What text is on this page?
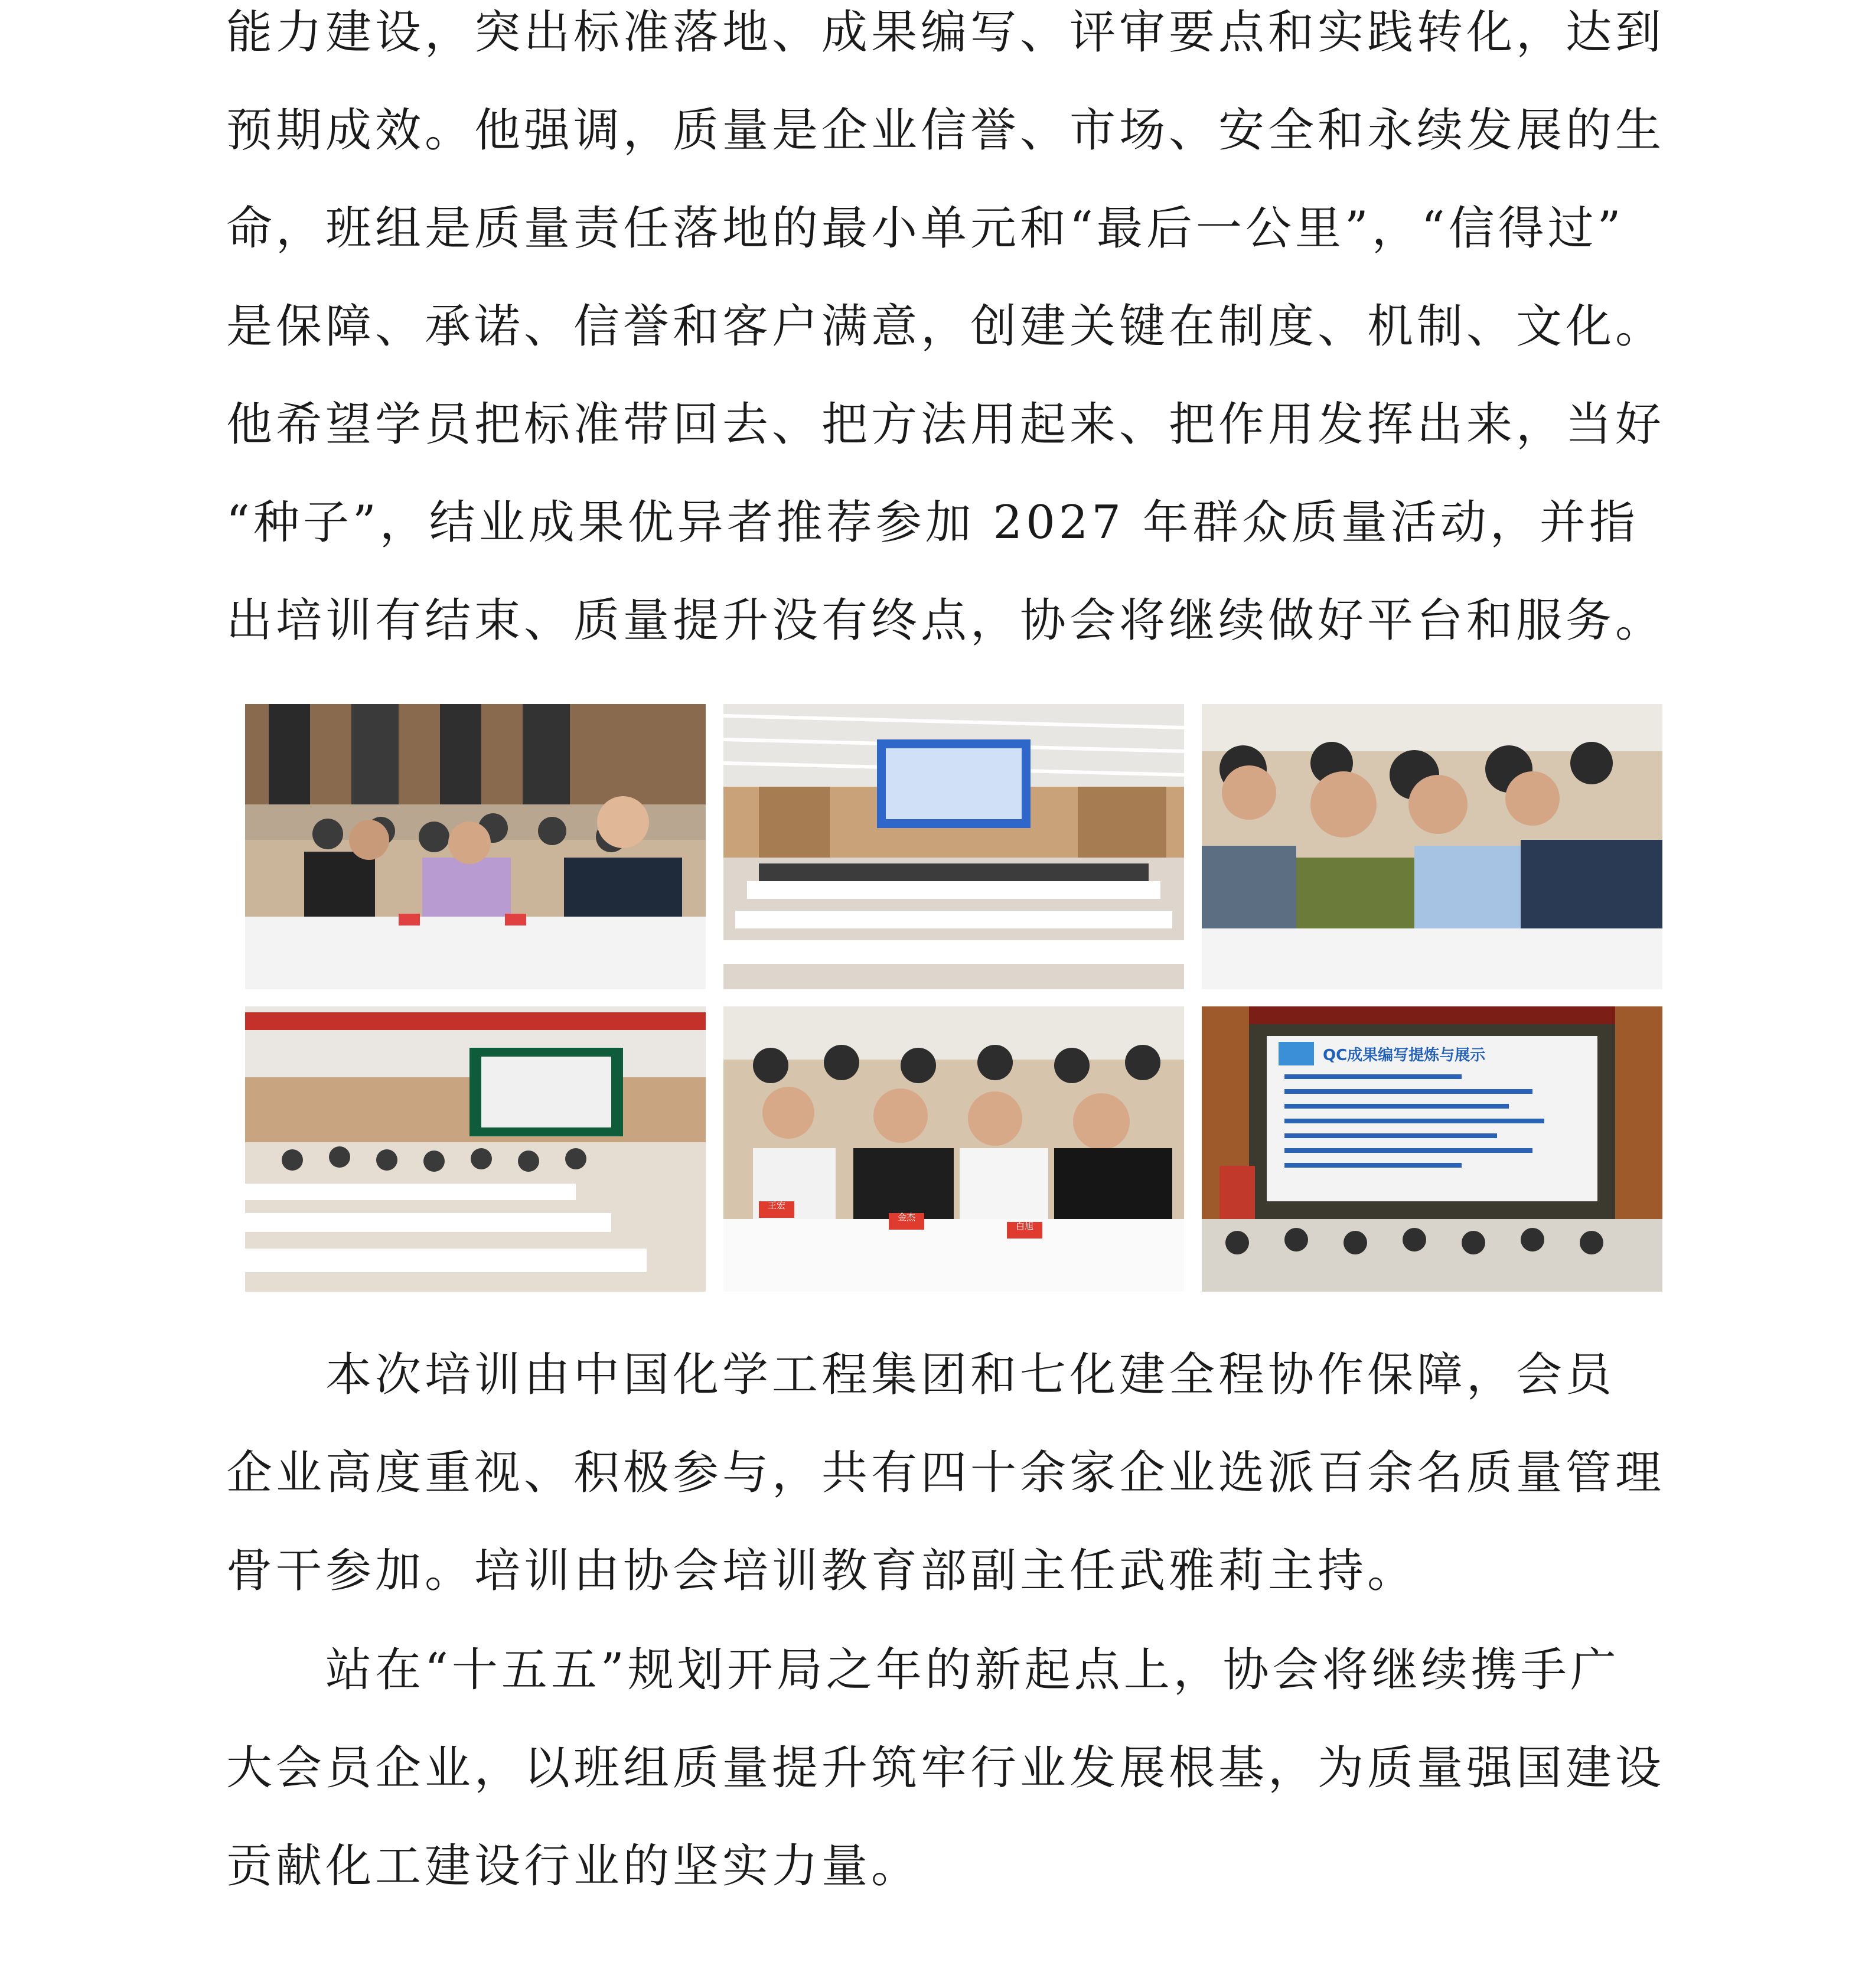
能力建设，突出标准落地、成果编写、评审要点和实践转化，达到
预期成效。他强调，质量是企业信誉、市场、安全和永续发展的生
命，班组是质量责任落地的最小单元和“最后一公里”，“信得过”
是保障、承诺、信誉和客户满意，创建关键在制度、机制、文化。
他希望学员把标准带回去、把方法用起来、把作用发挥出来，当好
“种子”，结业成果优异者推荐参加 2027 年群众质量活动，并指
出培训有结束、质量提升没有终点，协会将继续做好平台和服务。
王宏
金杰
白旭
QC成果编写提炼与展示
本次培训由中国化学工程集团和七化建全程协作保障，会员
企业高度重视、积极参与，共有四十余家企业选派百余名质量管理
骨干参加。培训由协会培训教育部副主任武雅莉主持。
站在“十五五”规划开局之年的新起点上，协会将继续携手广
大会员企业，以班组质量提升筑牢行业发展根基，为质量强国建设
贡献化工建设行业的坚实力量。
